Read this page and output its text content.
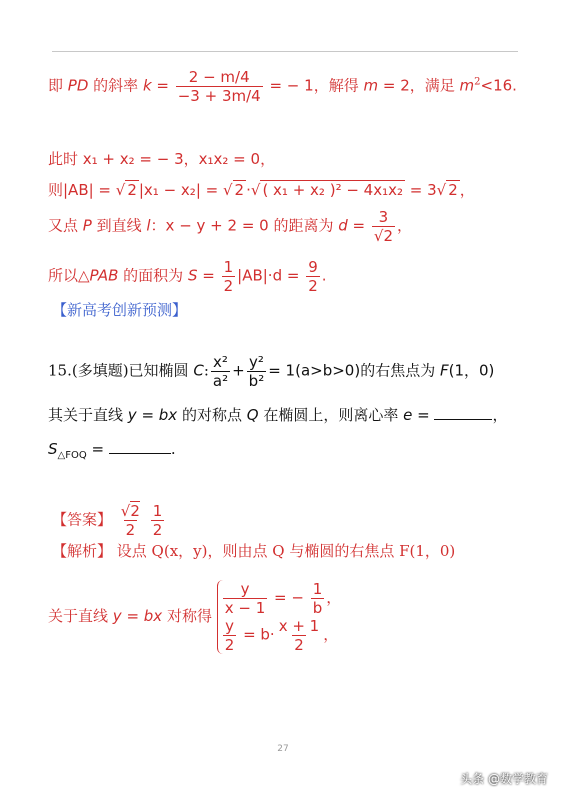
即 PD 的斜率 $k = \frac{2 - m/4}{-3 + 3m/4}$ = − 1，解得 m = 2，满足 $m^2<16$.
此时 x₁ + x₂ = − 3，x₁x₂ = 0，
则|AB| = √ 2 |x₁ − x₂| = √ 2 ·√ ( x₁ + x₂ )² − 4x₁x₂ = 3√ 2 ，
又点 P 到直线 l：x − y + 2 = 0 的距离为 $d = \frac{3}{√2}$ ，
所以△PAB 的面积为 $S = \frac{1}{2} |AB|\cdot d = \frac{9}{2}$ .
【新高考创新预测】
15.(多填题)已知椭圆 C: $\frac{\text{x²}}{\text{a²}} + \frac{\text{y²}}{\text{b²}} = 1(a>b>0)$的右焦点为 F(1，0)
其关于直线 y = bx 的对称点 Q 在椭圆上，则离心率 e =	，
$S_{\triangle FOQ}$ =	.
【答案】 $\frac{√2}{2}$
$\frac{1}{2}$
【解析】 设点 Q(x，y)，则由点 Q 与椭圆的右焦点 F(1，0)
关于直线 y = bx 对称得 $\frac{y}{x - 1}$ = − $\frac{1}{b}$ ，
$\frac{y}{2} = b\cdot \frac{x + 1}{2}$ ，
27
头条 @数学教育
